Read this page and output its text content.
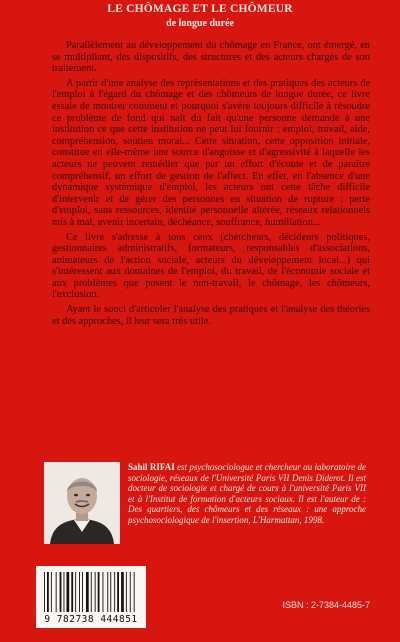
LE CHÔMAGE ET LE CHÔMEUR
de longue durée

Parallèlement au développement du chômage en France, ont émergé, en se multipliant, des dispositifs, des structures et des acteurs chargés de son traitement.

A partir d'une analyse des représentations et des pratiques des acteurs de l'emploi à l'égard du chômage et des chômeurs de longue durée, ce livre essaie de montrer comment et pourquoi s'avère toujours difficile à résoudre ce problème de fond qui naît du fait qu'une personne demande à une institution ce que cette institution ne peut lui fournir : emploi, travail, aide, compréhension, soutien moral... Cette situation, cette opposition initiale, constitue en elle-même une source d'angoisse et d'agressivité à laquelle les acteurs ne peuvent remédier que par un effort d'écoute et de paraître compréhensif, un effort de gestion de l'affect. En effet, en l'absence d'une dynamique systémique d'emploi, les acteurs ont cette tâche difficile d'intervenir et de gérer des personnes en situation de rupture : perte d'emploi, sans ressources, identité personnelle altérée, réseaux relationnels mis à mal, avenir incertain, déchéance, souffrance, humiliation...

Ce livre s'adresse à tous ceux (chercheurs, décideurs politiques, gestionnaires administratifs, formateurs, responsables d'associations, animateurs de l'action sociale, acteurs du développement local...) qui s'intéressent aux domaines de l'emploi, du travail, de l'économie sociale et aux problèmes que posent le non-travail, le chômage, les chômeurs, l'exclusion.

Ayant le souci d'articuler l'analyse des pratiques et l'analyse des théories et des approches, il leur sera très utile.

Sahil RIFAI est psychosociologue et chercheur au laboratoire de sociologie, réseaux de l'Université Paris VII Denis Diderot. Il est docteur de sociologie et chargé de cours à l'université Paris VII et à l'Institut de formation d'acteurs sociaux. Il est l'auteur de : Des quartiers, des chômeurs et des réseaux : une approche psychosociologique de l'insertion, L'Harmattan, 1998.
9 782738 444851
ISBN : 2-7384-4485-7
